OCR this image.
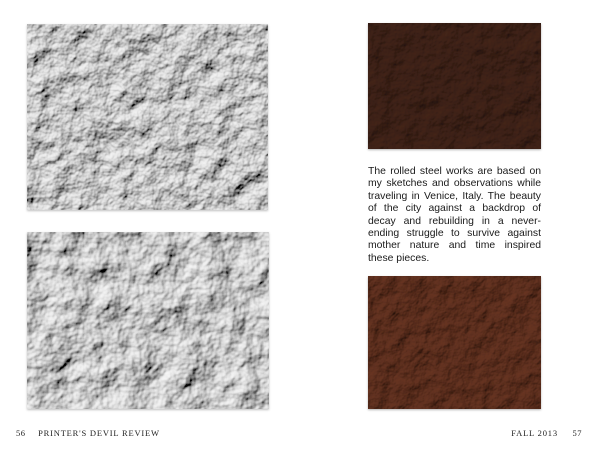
56 PRINTER'S DEVIL REVIEW

The rolled steel works are based on my sketches and observations while traveling in Venice, Italy. The beauty of the city against a backdrop of decay and rebuilding in a never-ending struggle to survive against mother nature and time inspired these pieces.

FALL 2013 57
